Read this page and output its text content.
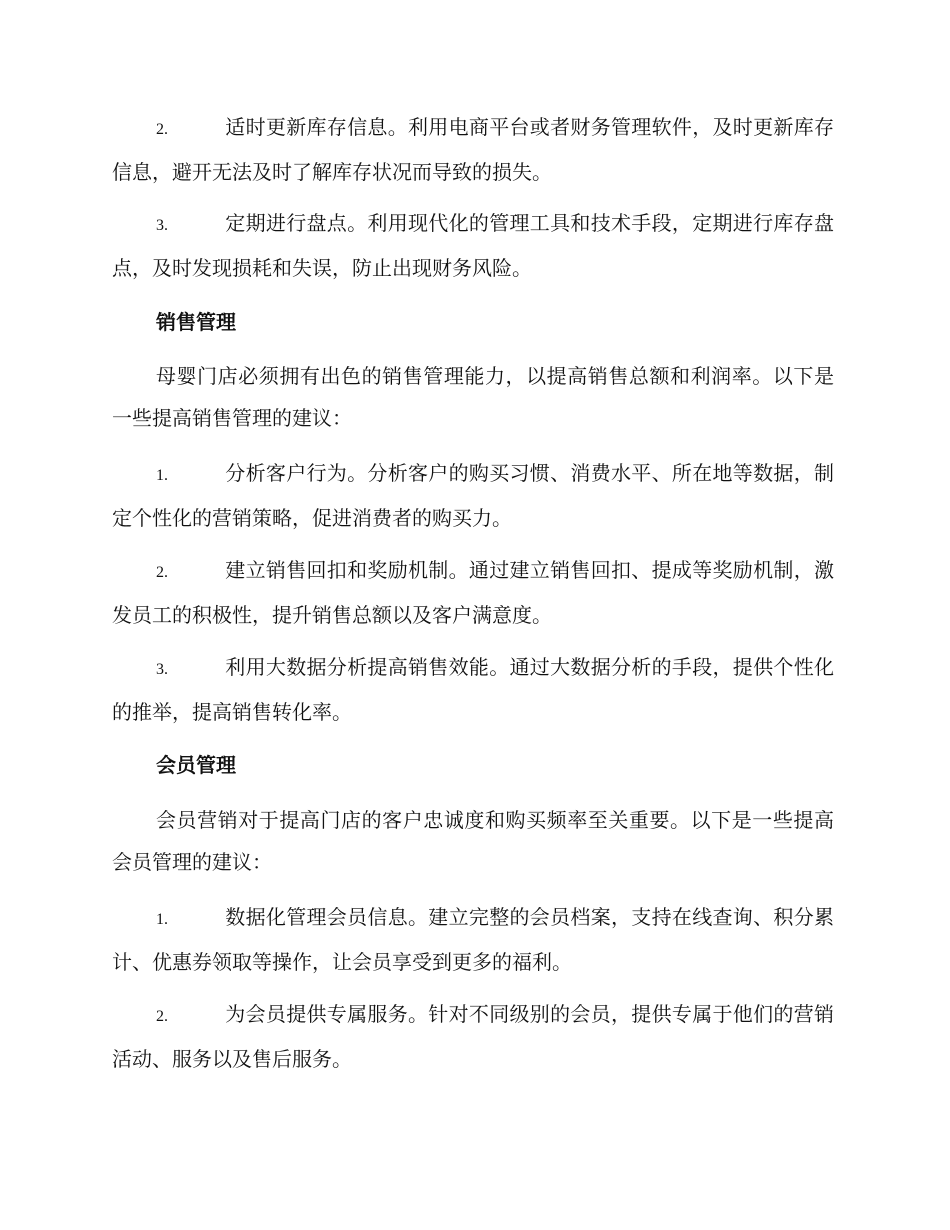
2.	适时更新库存信息。利用电商平台或者财务管理软件，及时更新库存信息，避开无法及时了解库存状况而导致的损失。
3.	定期进行盘点。利用现代化的管理工具和技术手段，定期进行库存盘点，及时发现损耗和失误，防止出现财务风险。
销售管理
母婴门店必须拥有出色的销售管理能力，以提高销售总额和利润率。以下是一些提高销售管理的建议：
1.	分析客户行为。分析客户的购买习惯、消费水平、所在地等数据，制定个性化的营销策略，促进消费者的购买力。
2.	建立销售回扣和奖励机制。通过建立销售回扣、提成等奖励机制，激发员工的积极性，提升销售总额以及客户满意度。
3.	利用大数据分析提高销售效能。通过大数据分析的手段，提供个性化的推举，提高销售转化率。
会员管理
会员营销对于提高门店的客户忠诚度和购买频率至关重要。以下是一些提高会员管理的建议：
1.	数据化管理会员信息。建立完整的会员档案，支持在线查询、积分累计、优惠券领取等操作，让会员享受到更多的福利。
2.	为会员提供专属服务。针对不同级别的会员，提供专属于他们的营销活动、服务以及售后服务。
